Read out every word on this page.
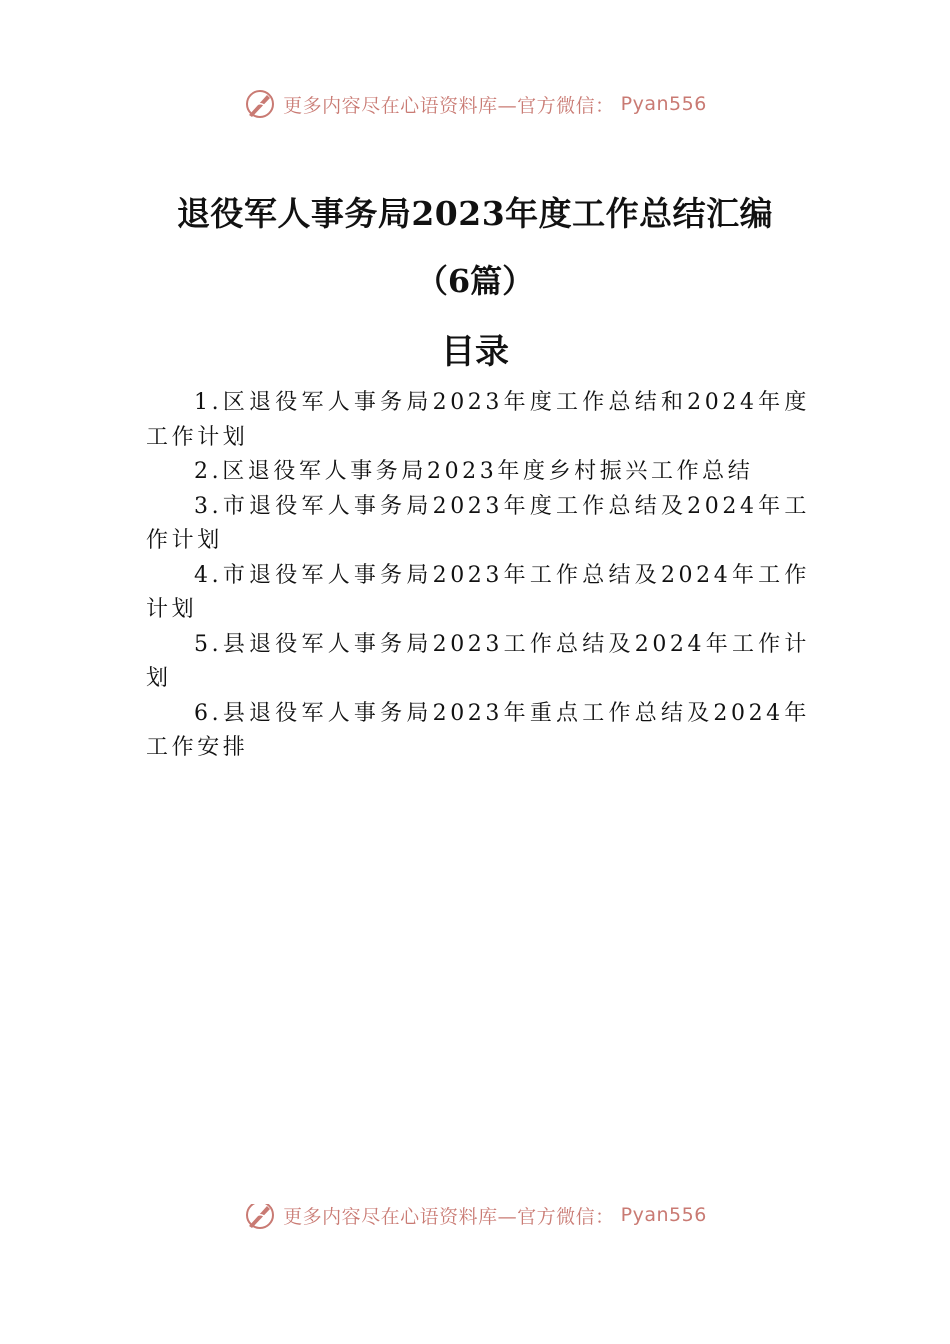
更多内容尽在心语资料库—官方微信： Pyan556
退役军人事务局2023年度工作总结汇编
（6篇）
目录

1.区退役军人事务局2023年度工作总结和2024年度工作计划

2.区退役军人事务局2023年度乡村振兴工作总结

3.市退役军人事务局2023年度工作总结及2024年工作计划

4.市退役军人事务局2023年工作总结及2024年工作计划

5.县退役军人事务局2023工作总结及2024年工作计划

6.县退役军人事务局2023年重点工作总结及2024年工作安排

更多内容尽在心语资料库—官方微信： Pyan556
